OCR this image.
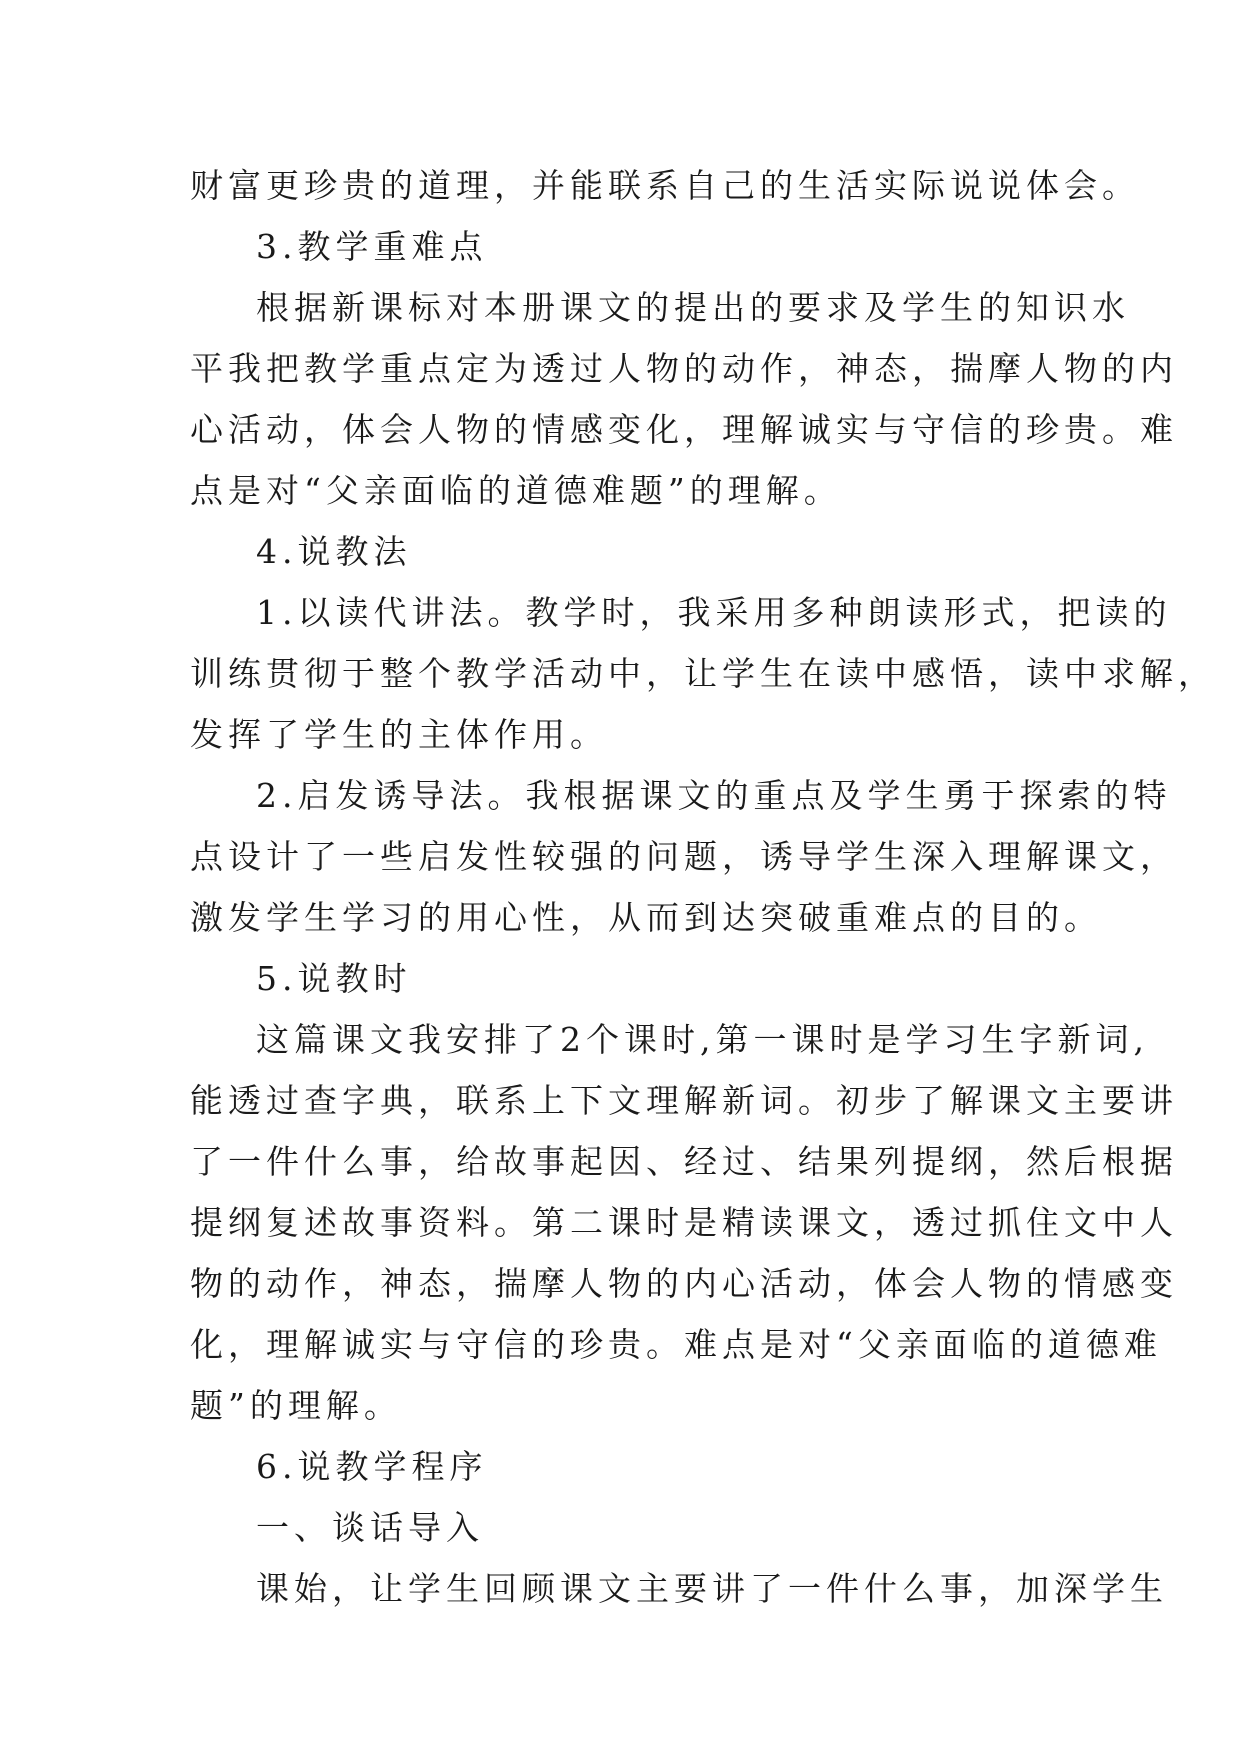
财富更珍贵的道理，并能联系自己的生活实际说说体会。
3.教学重难点
根据新课标对本册课文的提出的要求及学生的知识水
平我把教学重点定为透过人物的动作，神态，揣摩人物的内
心活动，体会人物的情感变化，理解诚实与守信的珍贵。难
点是对“父亲面临的道德难题”的理解。
4.说教法
1.以读代讲法。教学时，我采用多种朗读形式，把读的
训练贯彻于整个教学活动中，让学生在读中感悟，读中求解，
发挥了学生的主体作用。
2.启发诱导法。我根据课文的重点及学生勇于探索的特
点设计了一些启发性较强的问题，诱导学生深入理解课文，
激发学生学习的用心性，从而到达突破重难点的目的。
5.说教时
这篇课文我安排了2个课时,第一课时是学习生字新词,
能透过查字典，联系上下文理解新词。初步了解课文主要讲
了一件什么事，给故事起因、经过、结果列提纲，然后根据
提纲复述故事资料。第二课时是精读课文，透过抓住文中人
物的动作，神态，揣摩人物的内心活动，体会人物的情感变
化，理解诚实与守信的珍贵。难点是对“父亲面临的道德难
题”的理解。
6.说教学程序
一、谈话导入
课始，让学生回顾课文主要讲了一件什么事，加深学生
